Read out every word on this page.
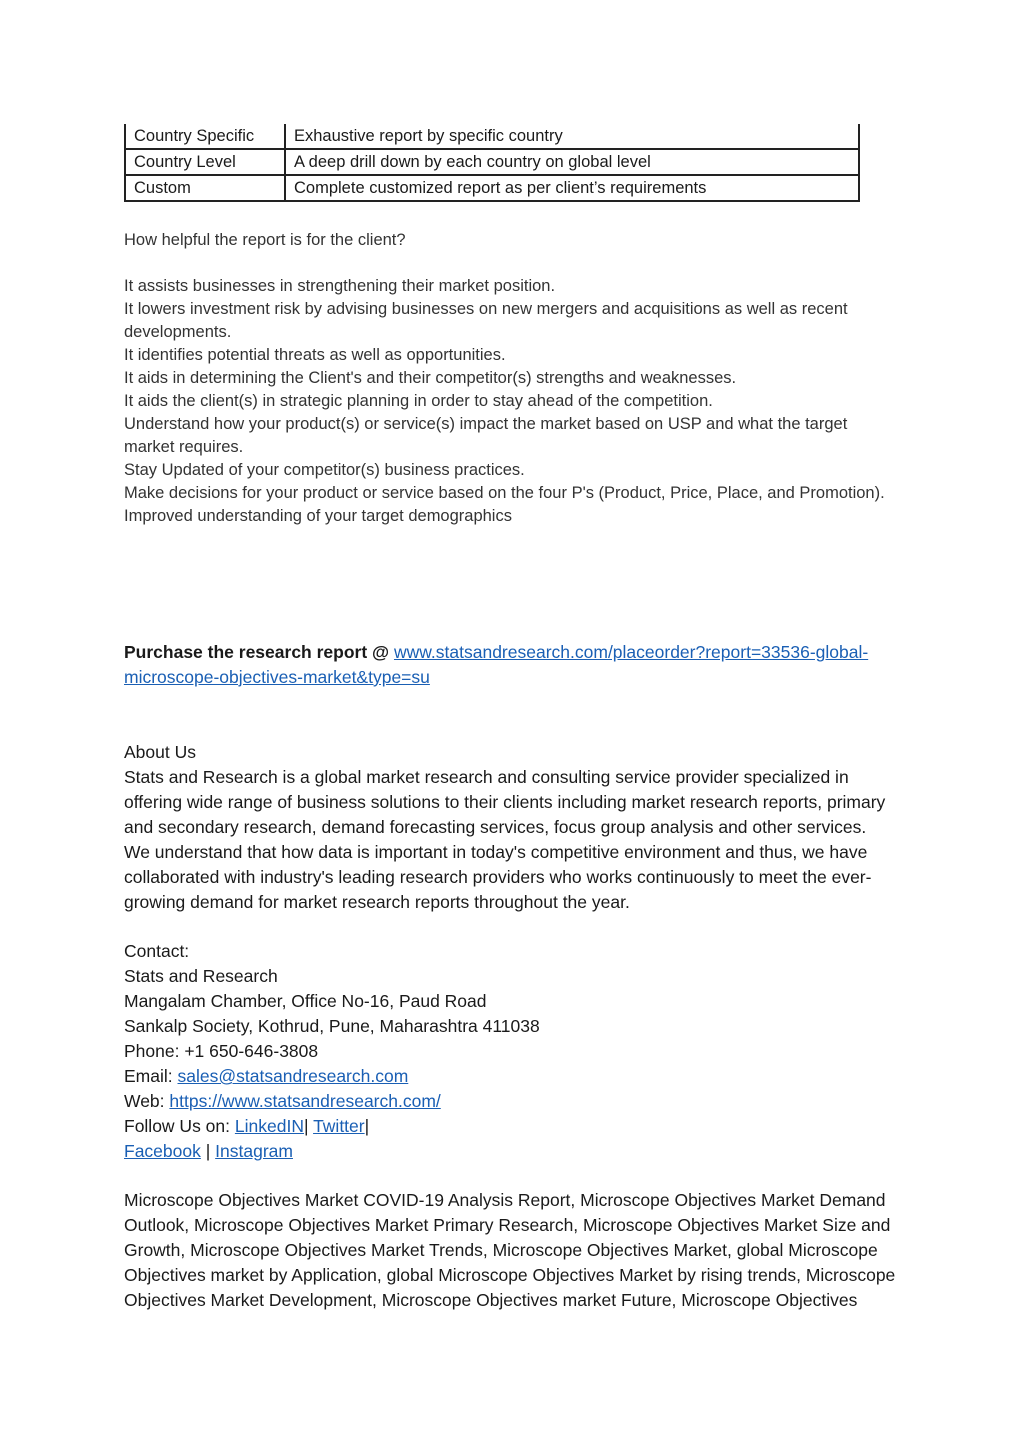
Country Specific	Exhaustive report by specific country
Country Level	A deep drill down by each country on global level
Custom	Complete customized report as per client’s requirements

How helpful the report is for the client?

It assists businesses in strengthening their market position.

It lowers investment risk by advising businesses on new mergers and acquisitions as well as recent developments.

It identifies potential threats as well as opportunities.

It aids in determining the Client's and their competitor(s) strengths and weaknesses.

It aids the client(s) in strategic planning in order to stay ahead of the competition.

Understand how your product(s) or service(s) impact the market based on USP and what the target market requires.

Stay Updated of your competitor(s) business practices.

Make decisions for your product or service based on the four P's (Product, Price, Place, and Promotion).

Improved understanding of your target demographics

Purchase the research report @ www.statsandresearch.com/placeorder?report=33536-global-microscope-objectives-market&type=su

About Us

Stats and Research is a global market research and consulting service provider specialized in offering wide range of business solutions to their clients including market research reports, primary and secondary research, demand forecasting services, focus group analysis and other services. We understand that how data is important in today's competitive environment and thus, we have collaborated with industry's leading research providers who works continuously to meet the ever-growing demand for market research reports throughout the year.

Contact:

Stats and Research

Mangalam Chamber, Office No-16, Paud Road

Sankalp Society, Kothrud, Pune, Maharashtra 411038

Phone: +1 650-646-3808

Email: sales@statsandresearch.com

Web: https://www.statsandresearch.com/

Follow Us on: LinkedIN| Twitter|

Facebook | Instagram

Microscope Objectives Market COVID-19 Analysis Report, Microscope Objectives Market Demand Outlook, Microscope Objectives Market Primary Research, Microscope Objectives Market Size and Growth, Microscope Objectives Market Trends, Microscope Objectives Market, global Microscope Objectives market by Application, global Microscope Objectives Market by rising trends, Microscope Objectives Market Development, Microscope Objectives market Future, Microscope Objectives
